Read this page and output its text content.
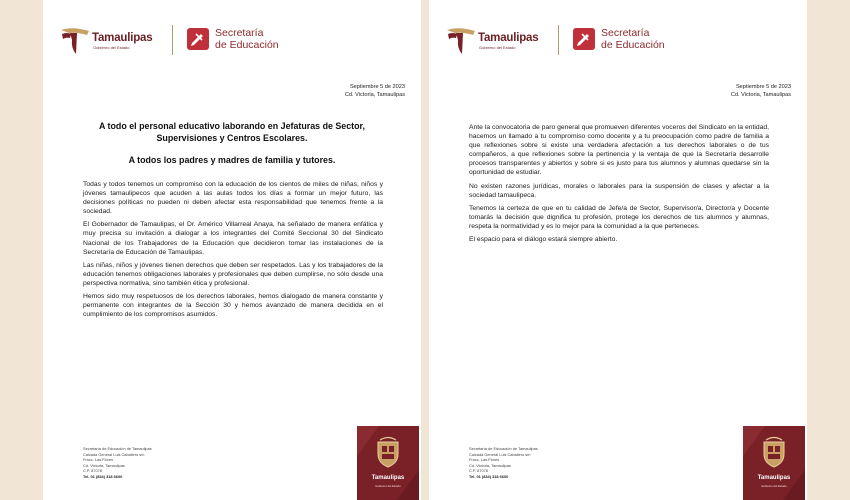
Tamaulipas
Gobierno del Estado
Secretaría
de Educación
Septiembre 5 de 2023
Cd. Victoria, Tamaulipas
A todo el personal educativo laborando en Jefaturas de Sector, Supervisiones y Centros Escolares.
A todos los padres y madres de familia y tutores.

Todas y todos tenemos un compromiso con la educación de los cientos de miles de niñas, niños y jóvenes tamaulipecos que acuden a las aulas todos los días a formar un mejor futuro, las decisiones políticas no pueden ni deben afectar esta responsabilidad que tenemos frente a la sociedad.

El Gobernador de Tamaulipas, el Dr. Américo Villarreal Anaya, ha señalado de manera enfática y muy precisa su invitación a dialogar a los integrantes del Comité Seccional 30 del Sindicato Nacional de los Trabajadores de la Educación que decidieron tomar las instalaciones de la Secretaría de Educación de Tamaulipas.

Las niñas, niños y jóvenes tienen derechos que deben ser respetados. Las y los trabajadores de la educación tenemos obligaciones laborales y profesionales que deben cumplirse, no sólo desde una perspectiva normativa, sino también ética y profesional.

Hemos sido muy respetuosos de los derechos laborales, hemos dialogado de manera constante y permanente con integrantes de la Sección 30 y hemos avanzado de manera decidida en el cumplimiento de los compromisos asumidos.

Secretaría de Educación de Tamaulipas
Calzada General Luis Caballero s/n
Fracc. Las Flores
Cd. Victoria, Tamaulipas
C.P. 87078
Tel. 01 (834) 318 6600	Tamaulipas
Gobierno del Estado
Tamaulipas
Gobierno del Estado
Secretaría
de Educación
Septiembre 5 de 2023
Cd. Victoria, Tamaulipas

Ante la convocatoria de paro general que promueven diferentes voceros del Sindicato en la entidad, hacemos un llamado a tu compromiso como docente y a tu preocupación como padre de familia a que reflexiones sobre si existe una verdadera afectación a tus derechos laborales o de tus compañeros, a que reflexiones sobre la pertinencia y la ventaja de que la Secretaría desarrolle procesos transparentes y abiertos y sobre si es justo para tus alumnos y alumnas quedarse sin la oportunidad de estudiar.

No existen razones jurídicas, morales o laborales para la suspensión de clases y afectar a la sociedad tamaulipeca.

Tenemos la certeza de que en tu calidad de Jefe/a de Sector, Supervisor/a, Director/a y Docente tomarás la decisión que dignifica tu profesión, protege los derechos de tus alumnos y alumnas, respeta la normatividad y es lo mejor para la comunidad a la que perteneces.

El espacio para el diálogo estará siempre abierto.

Secretaría de Educación de Tamaulipas
Calzada General Luis Caballero s/n
Fracc. Las Flores
Cd. Victoria, Tamaulipas
C.P. 87078
Tel. 01 (834) 318 6600	Tamaulipas
Gobierno del Estado
